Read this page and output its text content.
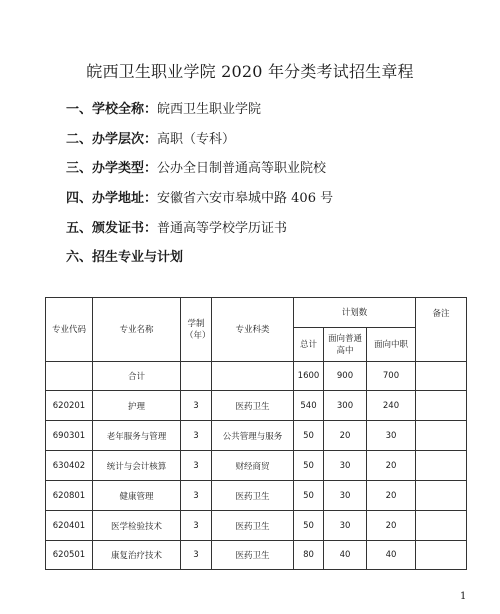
皖西卫生职业学院 2020 年分类考试招生章程
一、学校全称：皖西卫生职业学院
二、办学层次：高职（专科）
三、办学类型：公办全日制普通高等职业院校
四、办学地址：安徽省六安市皋城中路 406 号
五、颁发证书：普通高等学校学历证书
六、招生专业与计划
专业代码	专业名称	学制（年）	专业科类	计划数			备注
				总计	面向普通高中	面向中职	
	合计			1600	900	700	
620201	护理	3	医药卫生	540	300	240	
690301	老年服务与管理	3	公共管理与服务	50	20	30	
630402	统计与会计核算	3	财经商贸	50	30	20	
620801	健康管理	3	医药卫生	50	30	20	
620401	医学检验技术	3	医药卫生	50	30	20	
620501	康复治疗技术	3	医药卫生	80	40	40	
1
